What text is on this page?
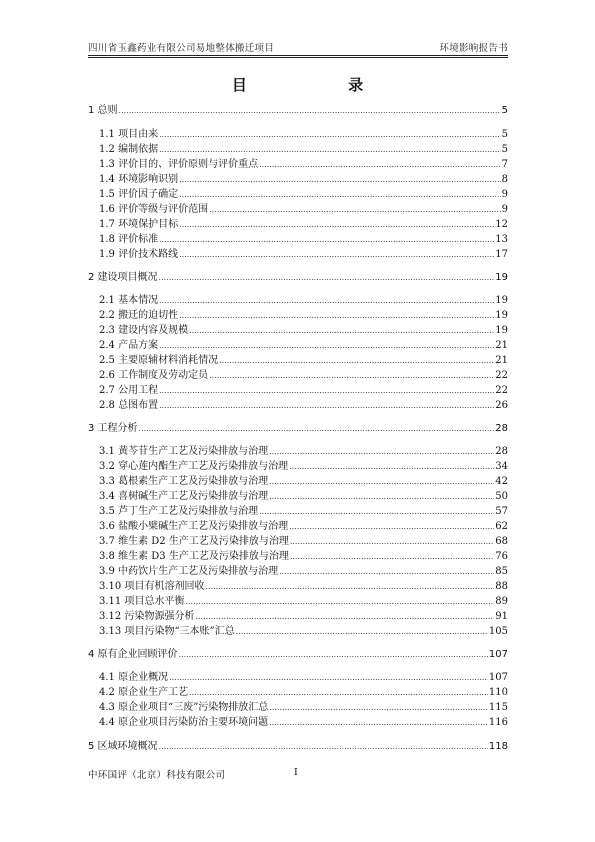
四川省玉鑫药业有限公司易地整体搬迁项目	环境影响报告书
目 录
1 总则 .....	5
1.1 项目由来 .....	5
1.2 编制依据 .....	5
1.3 评价目的、评价原则与评价重点 .....	7
1.4 环境影响识别 .....	8
1.5 评价因子确定 .....	9
1.6 评价等级与评价范围 .....	9
1.7 环境保护目标 .....	12
1.8 评价标准 .....	13
1.9 评价技术路线 .....	17
2 建设项目概况 .....	19
2.1 基本情况 .....	19
2.2 搬迁的迫切性 .....	19
2.3 建设内容及规模 .....	19
2.4 产品方案 .....	21
2.5 主要原辅材料消耗情况 .....	21
2.6 工作制度及劳动定员 .....	22
2.7 公用工程 .....	22
2.8 总图布置 .....	26
3 工程分析 .....	28
3.1 黄芩苷生产工艺及污染排放与治理 .....	28
3.2 穿心莲内酯生产工艺及污染排放与治理 .....	34
3.3 葛根素生产工艺及污染排放与治理 .....	42
3.4 喜树碱生产工艺及污染排放与治理 .....	50
3.5 芦丁生产工艺及污染排放与治理 .....	57
3.6 盐酸小檗碱生产工艺及污染排放与治理 .....	62
3.7 维生素 D2 生产工艺及污染排放与治理 .....	68
3.8 维生素 D3 生产工艺及污染排放与治理 .....	76
3.9 中药饮片生产工艺及污染排放与治理 .....	85
3.10 项目有机溶剂回收 .....	88
3.11 项目总水平衡 .....	89
3.12 污染物源强分析 .....	91
3.13 项目污染物“三本账”汇总 .....	105
4 原有企业回顾评价 .....	107
4.1 原企业概况 .....	107
4.2 原企业生产工艺 .....	110
4.3 原企业项目“三废”污染物排放汇总 .....	115
4.4 原企业项目污染防治主要环境问题 .....	116
5 区域环境概况 .....	118
中环国评（北京）科技有限公司	I
